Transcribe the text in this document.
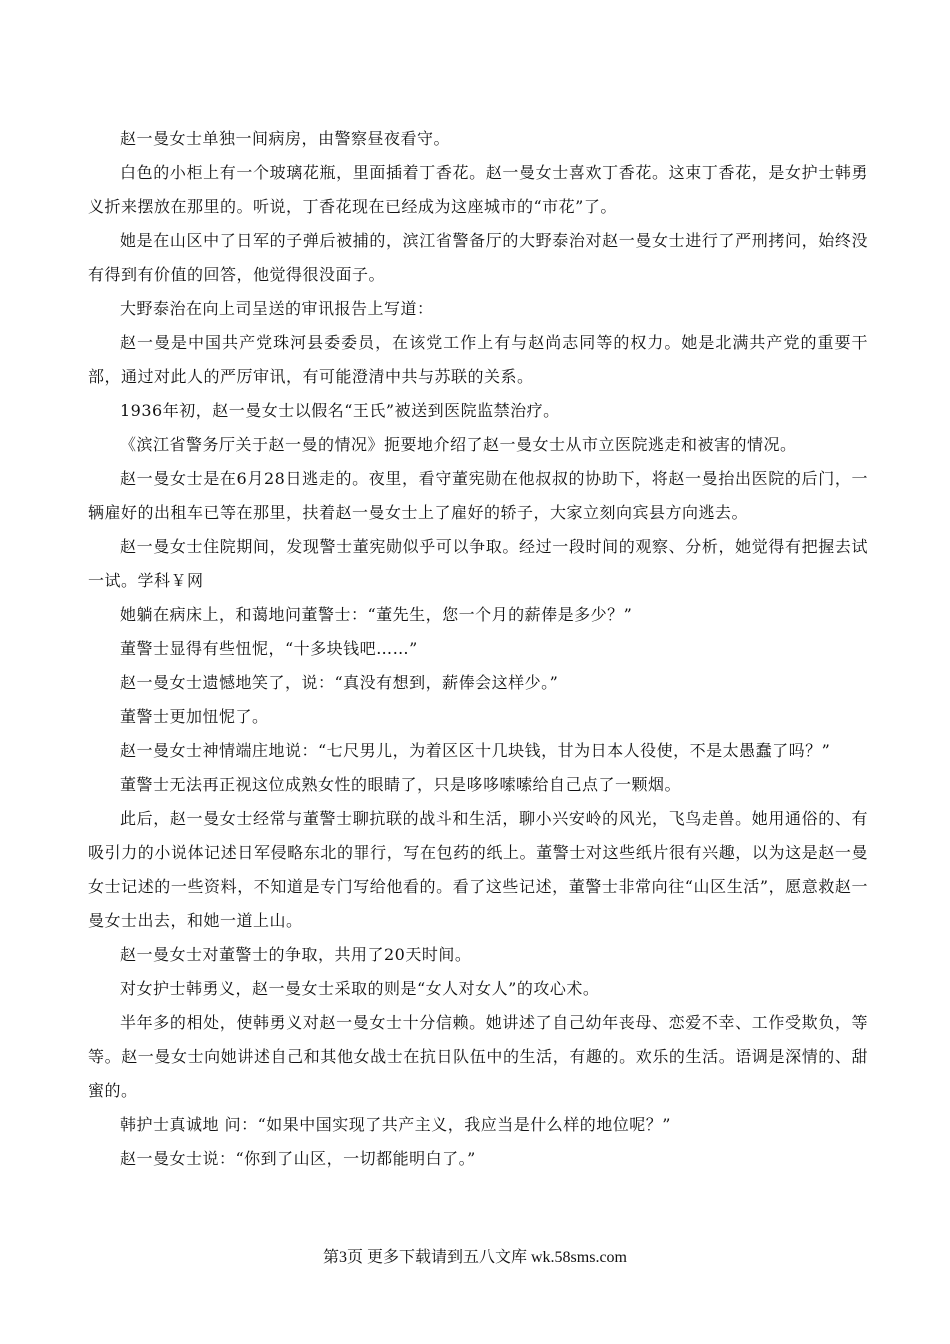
赵一曼女士单独一间病房，由警察昼夜看守。

白色的小柜上有一个玻璃花瓶，里面插着丁香花。赵一曼女士喜欢丁香花。这束丁香花，是女护士韩勇义折来摆放在那里的。听说，丁香花现在已经成为这座城市的“市花”了。

她是在山区中了日军的子弹后被捕的，滨江省警备厅的大野泰治对赵一曼女士进行了严刑拷问，始终没有得到有价值的回答，他觉得很没面子。

大野泰治在向上司呈送的审讯报告上写道：

赵一曼是中国共产党珠河县委委员，在该党工作上有与赵尚志同等的权力。她是北满共产党的重要干部，通过对此人的严厉审讯，有可能澄清中共与苏联的关系。

1936年初，赵一曼女士以假名“王氏”被送到医院监禁治疗。

《滨江省警务厅关于赵一曼的情况》扼要地介绍了赵一曼女士从市立医院逃走和被害的情况。

赵一曼女士是在6月28日逃走的。夜里，看守董宪勋在他叔叔的协助下，将赵一曼抬出医院的后门，一辆雇好的出租车已等在那里，扶着赵一曼女士上了雇好的轿子，大家立刻向宾县方向逃去。

赵一曼女士住院期间，发现警士董宪勋似乎可以争取。经过一段时间的观察、分析，她觉得有把握去试一试。学科￥网

她躺在病床上，和蔼地问董警士：“董先生，您一个月的薪俸是多少？”

董警士显得有些忸怩，“十多块钱吧……”

赵一曼女士遗憾地笑了，说：“真没有想到，薪俸会这样少。”

董警士更加忸怩了。

赵一曼女士神情端庄地说：“七尺男儿，为着区区十几块钱，甘为日本人役使，不是太愚蠢了吗？”

董警士无法再正视这位成熟女性的眼睛了，只是哆哆嗦嗦给自己点了一颗烟。

此后，赵一曼女士经常与董警士聊抗联的战斗和生活，聊小兴安岭的风光，飞鸟走兽。她用通俗的、有吸引力的小说体记述日军侵略东北的罪行，写在包药的纸上。董警士对这些纸片很有兴趣，以为这是赵一曼女士记述的一些资料，不知道是专门写给他看的。看了这些记述，董警士非常向往“山区生活”，愿意救赵一曼女士出去，和她一道上山。

赵一曼女士对董警士的争取，共用了20天时间。

对女护士韩勇义，赵一曼女士采取的则是“女人对女人”的攻心术。

半年多的相处，使韩勇义对赵一曼女士十分信赖。她讲述了自己幼年丧母、恋爱不幸、工作受欺负，等等。赵一曼女士向她讲述自己和其他女战士在抗日队伍中的生活，有趣的。欢乐的生活。语调是深情的、甜蜜的。

韩护士真诚地 问：“如果中国实现了共产主义，我应当是什么样的地位呢？”

赵一曼女士说：“你到了山区，一切都能明白了。”

第3页 更多下载请到五八文库 wk.58sms.com
